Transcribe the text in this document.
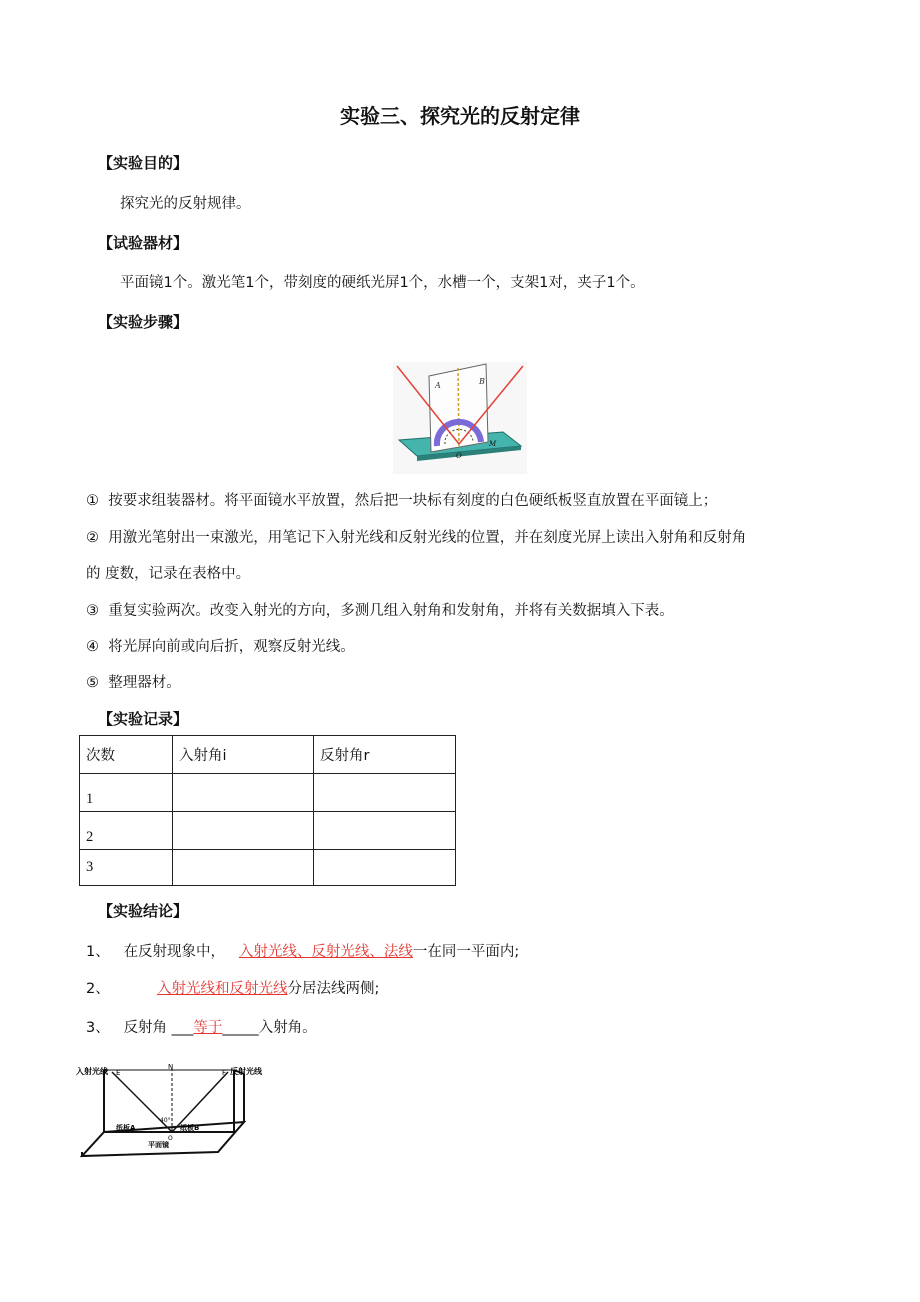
实验三、探究光的反射定律
【实验目的】
探究光的反射规律。
【试验器材】
平面镜1个。激光笔1个，带刻度的硬纸光屏1个，水槽一个，支架1对，夹子1个。
【实验步骤】
A	B
O
M
① 按要求组装器材。将平面镜水平放置，然后把一块标有刻度的白色硬纸板竖直放置在平面镜上；
② 用激光笔射出一束激光，用笔记下入射光线和反射光线的位置，并在刻度光屏上读出入射角和反射角
的 度数，记录在表格中。
③ 重复实验两次。改变入射光的方向，多测几组入射角和发射角，并将有关数据填入下表。
④ 将光屏向前或向后折，观察反射光线。
⑤ 整理器材。
【实验记录】
次数	入射角i	反射角r
1		
2		
3		
【实验结论】
1、 在反射现象中， 入射光线、反射光线、法线一在同一平面内;
2、	入射光线和反射光线分居法线两侧;
3、 反射角 ___等于_____入射角。
入射光线	反射光线
E	F
N
40°
纸板A
O
纸板B
平面镜
